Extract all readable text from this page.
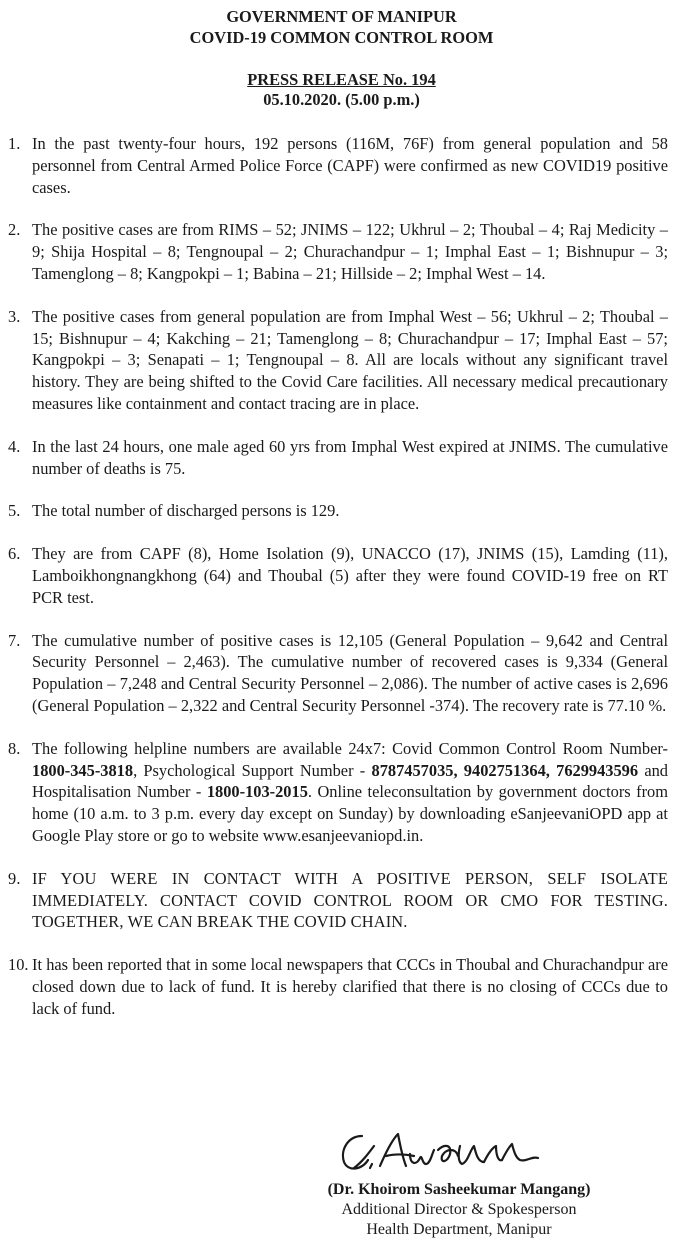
GOVERNMENT OF MANIPUR
COVID-19 COMMON CONTROL ROOM
PRESS RELEASE No. 194
05.10.2020. (5.00 p.m.)
1. In the past twenty-four hours, 192 persons (116M, 76F) from general population and 58 personnel from Central Armed Police Force (CAPF) were confirmed as new COVID19 positive cases.
2. The positive cases are from RIMS – 52; JNIMS – 122; Ukhrul – 2; Thoubal – 4; Raj Medicity – 9; Shija Hospital – 8; Tengnoupal – 2; Churachandpur – 1; Imphal East – 1; Bishnupur – 3; Tamenglong – 8; Kangpokpi – 1; Babina – 21; Hillside – 2; Imphal West – 14.
3. The positive cases from general population are from Imphal West – 56; Ukhrul – 2; Thoubal – 15; Bishnupur – 4; Kakching – 21; Tamenglong – 8; Churachandpur – 17; Imphal East – 57; Kangpokpi – 3; Senapati – 1; Tengnoupal – 8. All are locals without any significant travel history. They are being shifted to the Covid Care facilities. All necessary medical precautionary measures like containment and contact tracing are in place.
4. In the last 24 hours, one male aged 60 yrs from Imphal West expired at JNIMS. The cumulative number of deaths is 75.
5. The total number of discharged persons is 129.
6. They are from CAPF (8), Home Isolation (9), UNACCO (17), JNIMS (15), Lamding (11), Lamboikhongnangkhong (64) and Thoubal (5) after they were found COVID-19 free on RT PCR test.
7. The cumulative number of positive cases is 12,105 (General Population – 9,642 and Central Security Personnel – 2,463). The cumulative number of recovered cases is 9,334 (General Population – 7,248 and Central Security Personnel – 2,086). The number of active cases is 2,696 (General Population – 2,322 and Central Security Personnel -374). The recovery rate is 77.10 %.
8. The following helpline numbers are available 24x7: Covid Common Control Room Number-1800-345-3818, Psychological Support Number - 8787457035, 9402751364, 7629943596 and Hospitalisation Number - 1800-103-2015. Online teleconsultation by government doctors from home (10 a.m. to 3 p.m. every day except on Sunday) by downloading eSanjeevaniOPD app at Google Play store or go to website www.esanjeevaniopd.in.
9. IF YOU WERE IN CONTACT WITH A POSITIVE PERSON, SELF ISOLATE IMMEDIATELY. CONTACT COVID CONTROL ROOM OR CMO FOR TESTING. TOGETHER, WE CAN BREAK THE COVID CHAIN.
10. It has been reported that in some local newspapers that CCCs in Thoubal and Churachandpur are closed down due to lack of fund. It is hereby clarified that there is no closing of CCCs due to lack of fund.
(Dr. Khoirom Sasheekumar Mangang)
Additional Director & Spokesperson
Health Department, Manipur
